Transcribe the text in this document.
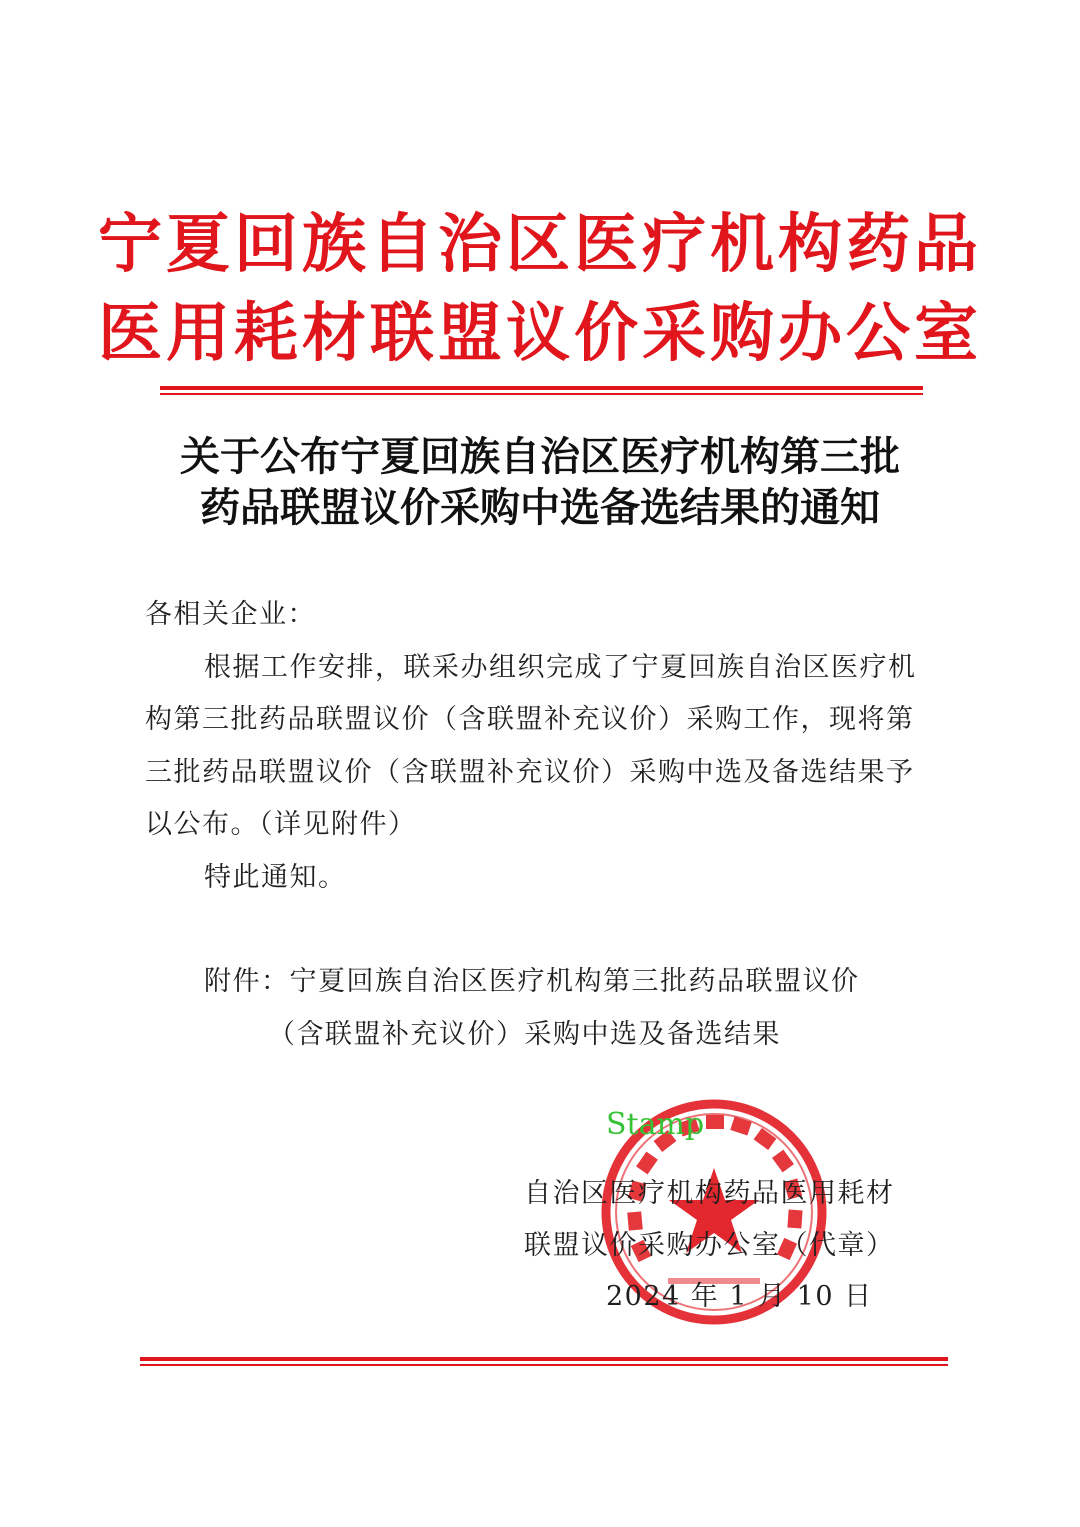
宁夏回族自治区医疗机构药品
医用耗材联盟议价采购办公室
关于公布宁夏回族自治区医疗机构第三批
药品联盟议价采购中选备选结果的通知
各相关企业：
根据工作安排，联采办组织完成了宁夏回族自治区医疗机
构第三批药品联盟议价（含联盟补充议价）采购工作，现将第
三批药品联盟议价（含联盟补充议价）采购中选及备选结果予
以公布。（详见附件）
特此通知。
附件：宁夏回族自治区医疗机构第三批药品联盟议价
（含联盟补充议价）采购中选及备选结果
Stamp
自治区医疗机构药品医用耗材
联盟议价采购办公室（代章）
2024 年 1 月 10 日
